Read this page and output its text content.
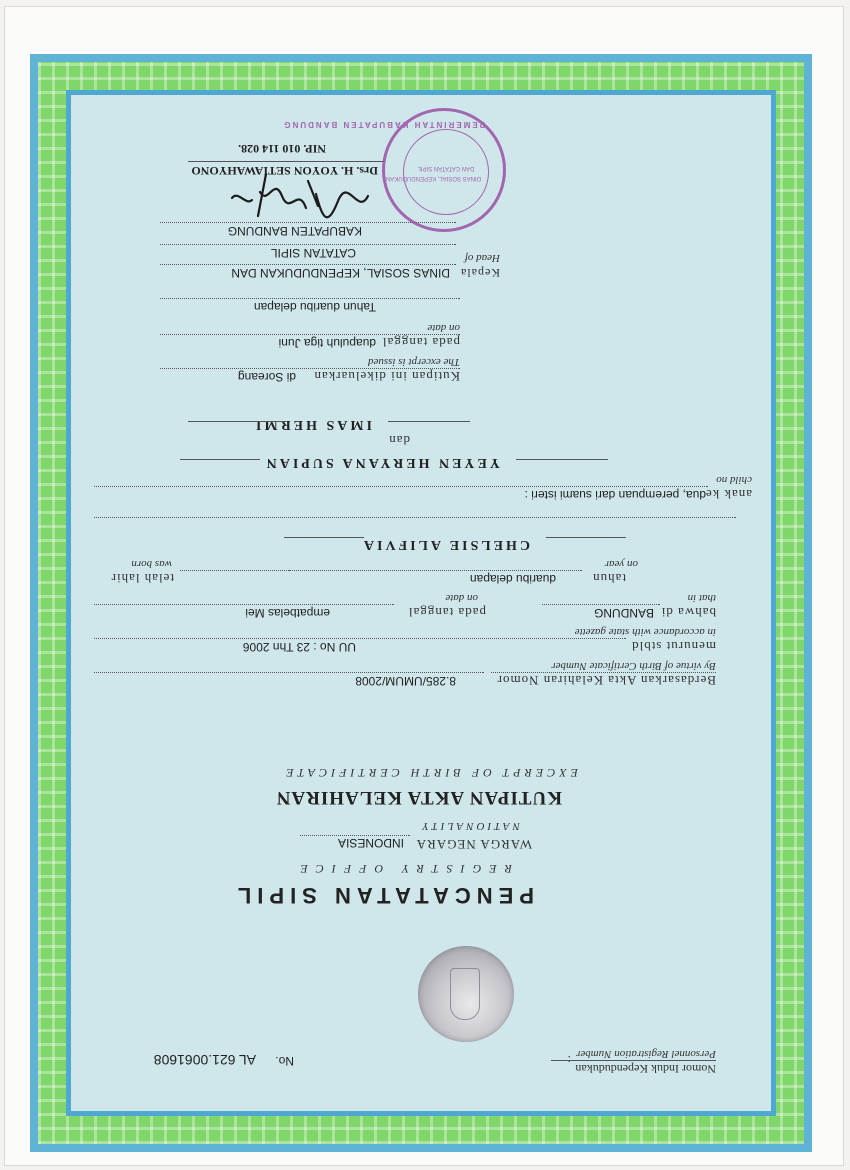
Nomor Induk Kependudukan
Personnel Registration Number
:
No.
AL 621.0061608
PENCATATAN SIPIL
REGISTRY OFFICE
WARGA NEGARA
NATIONALITY
INDONESIA
KUTIPAN AKTA KELAHIRAN
EXCERPT OF BIRTH CERTIFICATE
Berdasarkan Akta Kelahiran Nomor
By virtue of Birth Certificate Number
8.285/UMUM/2008
menurut stbld
in accordance with state gazette
UU No : 23 Thn 2006
bahwa di
that in
BANDUNG
pada tanggal
on date
empatbelas Mei
tahun
on year
duaribu delapan
telah lahir
was born
CHELSIE ALIFVIA
anak ke
child no
dua, perempuan dari suami isteri :
YEYEN HERYANA SUPIAN
dan
IMAS HERMI
Kutipan ini dikeluarkan
The excerpt is issued
di Soreang
pada tanggal
on date
duapuluh tiga Juni
Tahun duaribu delapan
Kepala
Head of
DINAS SOSIAL, KEPENDUDUKAN DAN
CATATAN SIPIL
KABUPATEN BANDUNG
Drs. H. YOYON SETIAWAHYONO
NIP. 010 114 028.
PEMERINTAH KABUPATEN BANDUNG
DINAS SOSIAL, KEPENDUDUKAN
DAN CATATAN SIPIL
